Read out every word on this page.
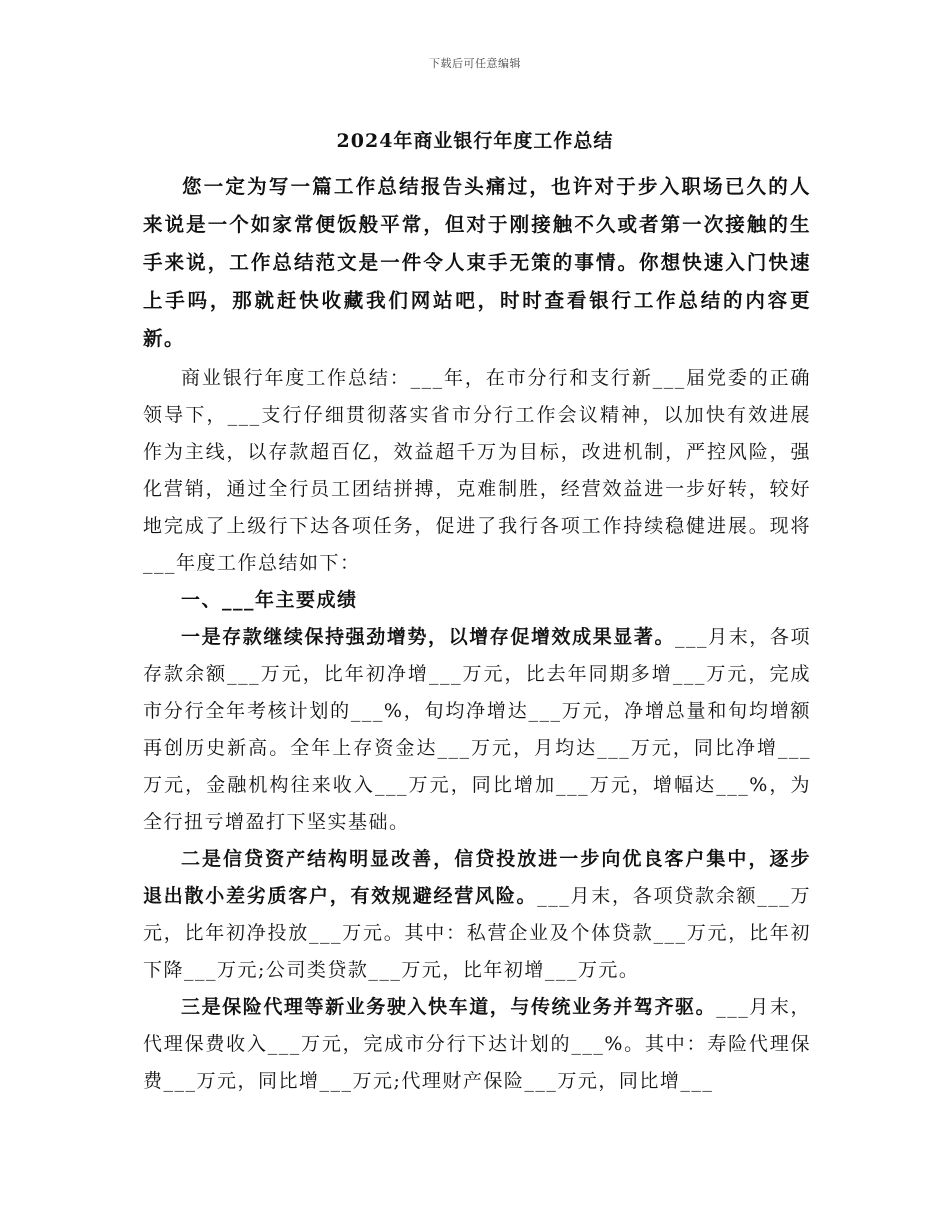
下载后可任意编辑
2024年商业银行年度工作总结

您一定为写一篇工作总结报告头痛过，也许对于步入职场已久的人来说是一个如家常便饭般平常，但对于刚接触不久或者第一次接触的生手来说，工作总结范文是一件令人束手无策的事情。你想快速入门快速上手吗，那就赶快收藏我们网站吧，时时查看银行工作总结的内容更新。

商业银行年度工作总结：___年，在市分行和支行新___届党委的正确领导下，___支行仔细贯彻落实省市分行工作会议精神，以加快有效进展作为主线，以存款超百亿，效益超千万为目标，改进机制，严控风险，强化营销，通过全行员工团结拼搏，克难制胜，经营效益进一步好转，较好地完成了上级行下达各项任务，促进了我行各项工作持续稳健进展。现将___年度工作总结如下：

一、___年主要成绩

一是存款继续保持强劲增势，以增存促增效成果显著。___月末，各项存款余额___万元，比年初净增___万元，比去年同期多增___万元，完成市分行全年考核计划的___%，旬均净增达___万元，净增总量和旬均增额再创历史新高。全年上存资金达___万元，月均达___万元，同比净增___万元，金融机构往来收入___万元，同比增加___万元，增幅达___%，为全行扭亏增盈打下坚实基础。

二是信贷资产结构明显改善，信贷投放进一步向优良客户集中，逐步退出散小差劣质客户，有效规避经营风险。___月末，各项贷款余额___万元，比年初净投放___万元。其中：私营企业及个体贷款___万元，比年初下降___万元;公司类贷款___万元，比年初增___万元。

三是保险代理等新业务驶入快车道，与传统业务并驾齐驱。___月末，代理保费收入___万元，完成市分行下达计划的___%。其中：寿险代理保费___万元，同比增___万元;代理财产保险___万元，同比增___
